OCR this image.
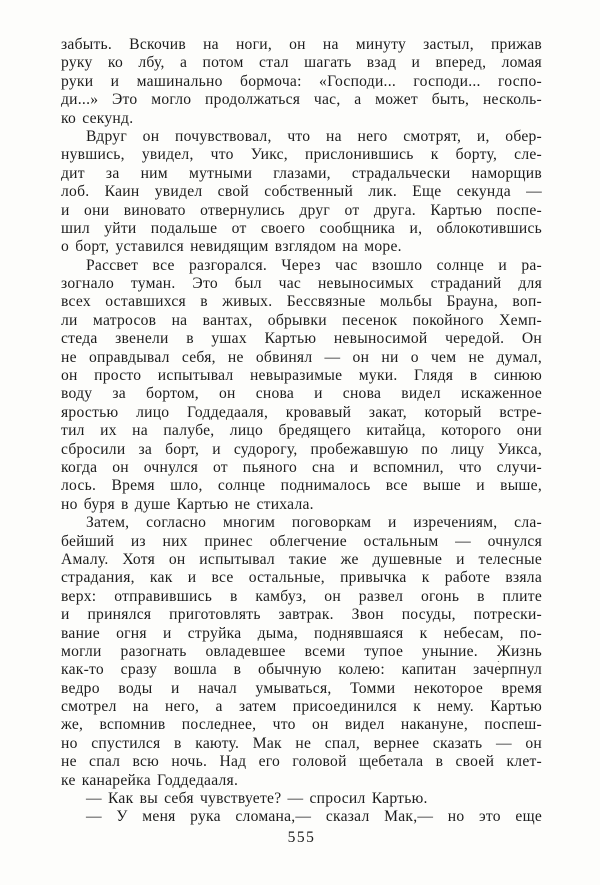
забыть. Вскочив на ноги, он на минуту застыл, прижав
руку ко лбу, а потом стал шагать взад и вперед, ломая
руки и машинально бормоча: «Господи... господи... госпо-
ди...» Это могло продолжаться час, а может быть, несколь-
ко секунд.
Вдруг он почувствовал, что на него смотрят, и, обер-
нувшись, увидел, что Уикс, прислонившись к борту, сле-
дит за ним мутными глазами, страдальчески наморщив
лоб. Каин увидел свой собственный лик. Еще секунда —
и они виновато отвернулись друг от друга. Картью поспе-
шил уйти подальше от своего сообщника и, облокотившись
о борт, уставился невидящим взглядом на море.
Рассвет все разгорался. Через час взошло солнце и ра-
зогнало туман. Это был час невыносимых страданий для
всех оставшихся в живых. Бессвязные мольбы Брауна, воп-
ли матросов на вантах, обрывки песенок покойного Хемп-
стеда звенели в ушах Картью невыносимой чередой. Он
не оправдывал себя, не обвинял — он ни о чем не думал,
он просто испытывал невыразимые муки. Глядя в синюю
воду за бортом, он снова и снова видел искаженное
яростью лицо Годдедааля, кровавый закат, который встре-
тил их на палубе, лицо бредящего китайца, которого они
сбросили за борт, и судорогу, пробежавшую по лицу Уикса,
когда он очнулся от пьяного сна и вспомнил, что случи-
лось. Время шло, солнце поднималось все выше и выше,
но буря в душе Картью не стихала.
Затем, согласно многим поговоркам и изречениям, сла-
бейший из них принес облегчение остальным — очнулся
Амалу. Хотя он испытывал такие же душевные и телесные
страдания, как и все остальные, привычка к работе взяла
верх: отправившись в камбуз, он развел огонь в плите
и принялся приготовлять завтрак. Звон посуды, потрески-
вание огня и струйка дыма, поднявшаяся к небесам, по-
могли разогнать овладевшее всеми тупое уныние. Жизнь
как-то сразу вошла в обычную колею: капитан заче́рпнул
ведро воды и начал умываться, Томми некоторое время
смотрел на него, а затем присоединился к нему. Картью
же, вспомнив последнее, что он видел накануне, поспеш-
но спустился в каюту. Мак не спал, вернее сказать — он
не спал всю ночь. Над его головой щебетала в своей клет-
ке канарейка Годдедааля.
— Как вы себя чувствуете? — спросил Картью.
— У меня рука сломана,— сказал Мак,— но это еще
555
